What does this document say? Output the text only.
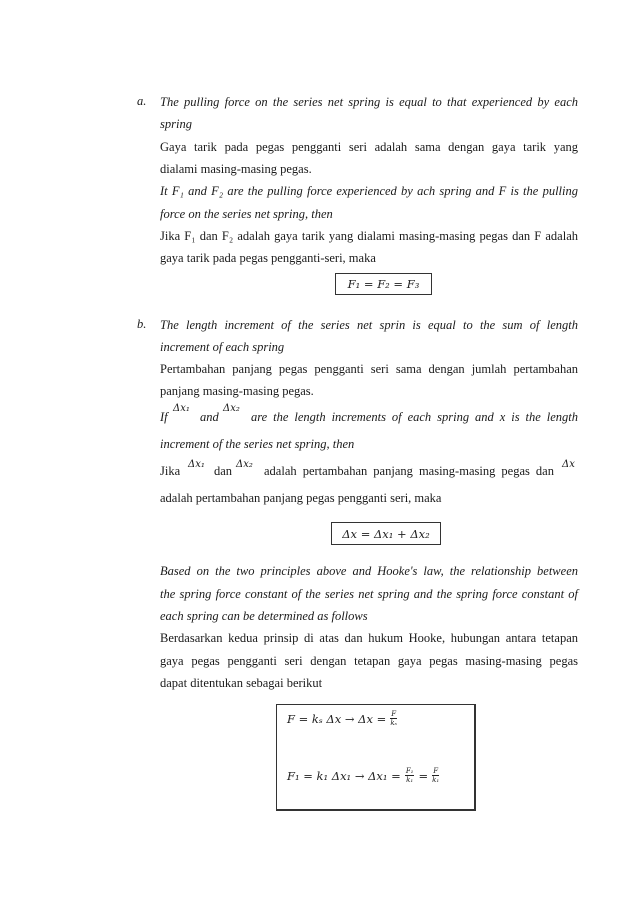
a. The pulling force on the series net spring is equal to that experienced by each
spring
Gaya tarik pada pegas pengganti seri adalah sama dengan gaya tarik yang
dialami masing-masing pegas.
It F₁ and F₂ are the pulling force experienced by ach spring and F is the pulling
force on the series net spring, then
Jika F₁ dan F₂ adalah gaya tarik yang dialami masing-masing pegas dan F adalah
gaya tarik pada pegas pengganti-seri, maka
F₁ = F₂ = F₃
b. The length increment of the series net sprin is equal to the sum of length
increment of each spring
Pertambahan panjang pegas pengganti seri sama dengan jumlah pertambahan
panjang masing-masing pegas.
If
Δx₁
and
Δx₂
are the length increments of each spring and x is the length
increment of the series net spring, then
Jika Δx₁ dan Δx₂ adalah pertambahan panjang masing-masing pegas dan Δx
adalah pertambahan panjang pegas pengganti seri, maka
Δx = Δx₁ + Δx₂
Based on the two principles above and Hooke's law, the relationship between
the spring force constant of the series net spring and the spring force constant of
each spring can be determined as follows
Berdasarkan kedua prinsip di atas dan hukum Hooke, hubungan antara tetapan
gaya pegas pengganti seri dengan tetapan gaya pegas masing-masing pegas
dapat ditentukan sebagai berikut
F = kₛ $\Delta x \to \Delta x = \frac{F}{\text{kₛ}}$
F₁ = k₁ $\Delta x_1 \to \Delta x_1 = \frac{\text{F₁}}{\text{k₁}} = \frac{F}{\text{k₁}}$
